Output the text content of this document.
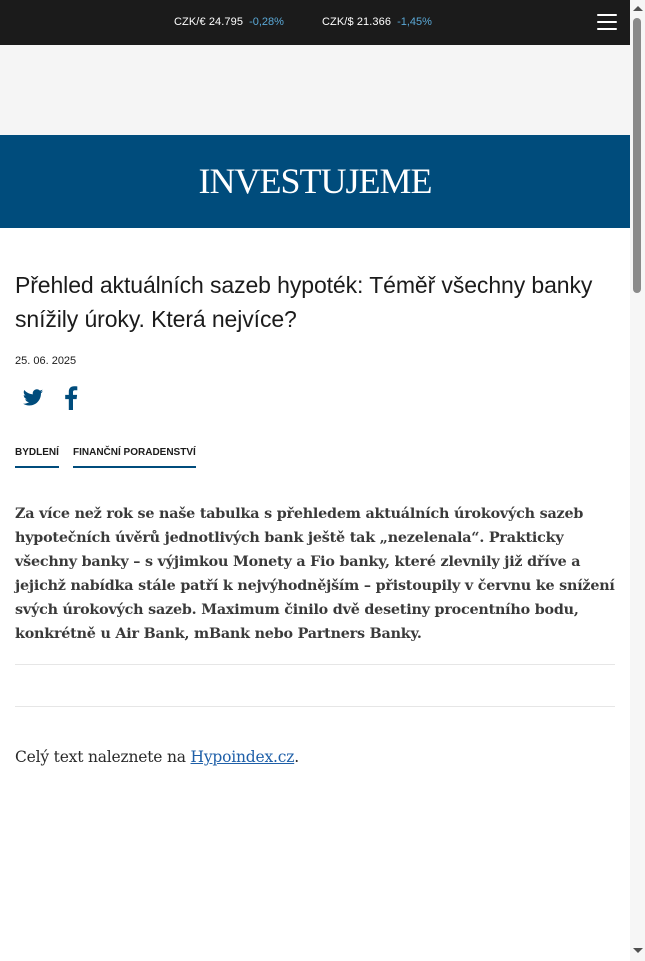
CZK/€ 24.795 -0,28%	CZK/$ 21.366 -1,45%
INVESTUJEME
Přehled aktuálních sazeb hypoték: Téměř všechny banky snížily úroky. Která nejvíce?
25. 06. 2025
BYDLENÍ FINANČNÍ PORADENSTVÍ

Za více než rok se naše tabulka s přehledem aktuálních úrokových sazeb hypotečních úvěrů jednotlivých bank ještě tak „nezelenala“. Prakticky všechny banky – s výjimkou Monety a Fio banky, které zlevnily již dříve a jejichž nabídka stále patří k nejvýhodnějším – přistoupily v červnu ke snížení svých úrokových sazeb. Maximum činilo dvě desetiny procentního bodu, konkrétně u Air Bank, mBank nebo Partners Banky.

Celý text naleznete na Hypoindex.cz.
